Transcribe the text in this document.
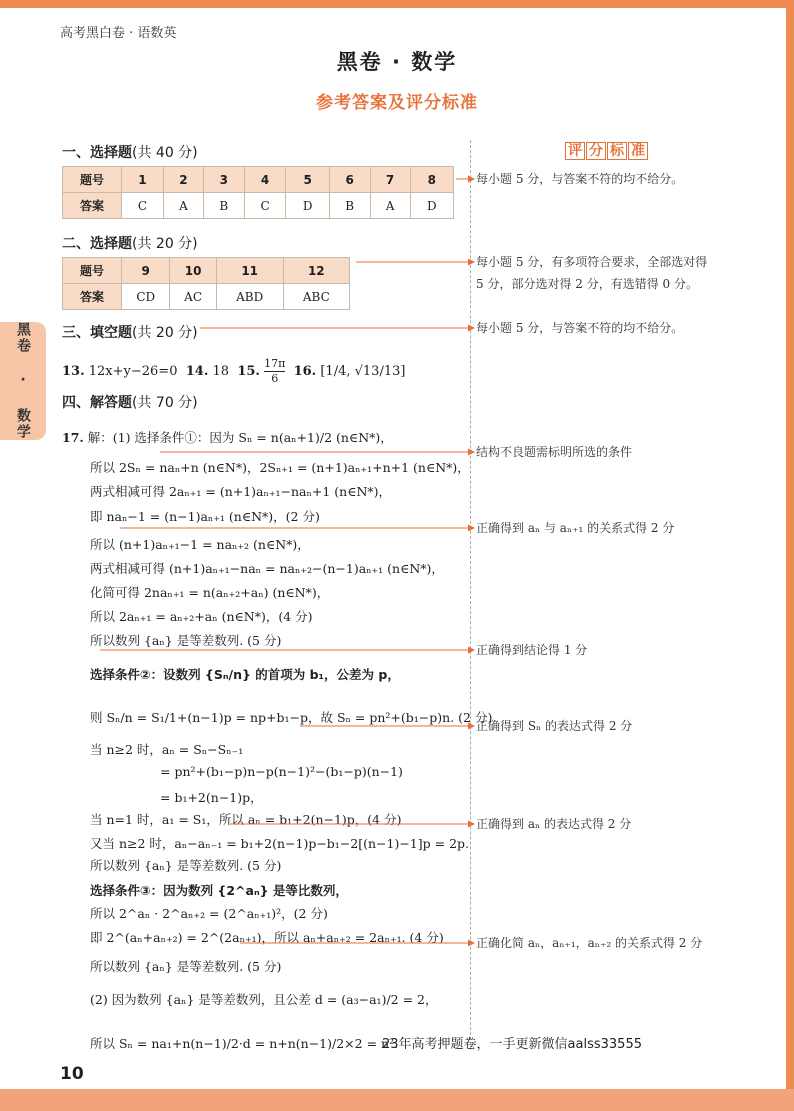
高考黑白卷 · 语数英
黑卷 · 数学
参考答案及评分标准
黑卷 · 数学
评 分 标 准
一、选择题(共 40 分)
题号	1	2	3	4	5	6	7	8
答案	C	A	B	C	D	B	A	D
二、选择题(共 20 分)
题号	9	10	11	12
答案	CD	AC	ABD	ABC
三、填空题(共 20 分)
13. 12x+y−26=0 14. 18 15. $\frac{17\pi}{6} 16$. [1/4, √13/13]
四、解答题(共 70 分)
17. 解：(1) 选择条件①：因为 Sₙ = n(aₙ+1)/2 (n∈N*)，
所以 2Sₙ = naₙ+n (n∈N*)，2Sₙ₊₁ = (n+1)aₙ₊₁+n+1 (n∈N*)，
两式相减可得 2aₙ₊₁ = (n+1)aₙ₊₁−naₙ+1 (n∈N*)，
即 naₙ−1 = (n−1)aₙ₊₁ (n∈N*)，(2 分)
所以 (n+1)aₙ₊₁−1 = naₙ₊₂ (n∈N*)，
两式相减可得 (n+1)aₙ₊₁−naₙ = naₙ₊₂−(n−1)aₙ₊₁ (n∈N*)，
化简可得 2naₙ₊₁ = n(aₙ₊₂+aₙ) (n∈N*)，
所以 2aₙ₊₁ = aₙ₊₂+aₙ (n∈N*)，(4 分)
所以数列 {aₙ} 是等差数列. (5 分)
选择条件②：设数列 {Sₙ/n} 的首项为 b₁，公差为 p，
则 Sₙ/n = S₁/1+(n−1)p = np+b₁−p，故 Sₙ = pn²+(b₁−p)n. (2 分)
当 n≥2 时，aₙ = Sₙ−Sₙ₋₁
= pn²+(b₁−p)n−p(n−1)²−(b₁−p)(n−1)
= b₁+2(n−1)p，
当 n=1 时，a₁ = S₁，所以 aₙ = b₁+2(n−1)p，(4 分)
又当 n≥2 时，aₙ−aₙ₋₁ = b₁+2(n−1)p−b₁−2[(n−1)−1]p = 2p.
所以数列 {aₙ} 是等差数列. (5 分)
选择条件③：因为数列 {2^aₙ} 是等比数列，
所以 2^aₙ · 2^aₙ₊₂ = (2^aₙ₊₁)²，(2 分)
即 2^(aₙ+aₙ₊₂) = 2^(2aₙ₊₁)，所以 aₙ+aₙ₊₂ = 2aₙ₊₁. (4 分)
所以数列 {aₙ} 是等差数列. (5 分)
(2) 因为数列 {aₙ} 是等差数列，且公差 d = (a₃−a₁)/2 = 2，
所以 Sₙ = na₁+n(n−1)/2·d = n+n(n−1)/2×2 = n².
每小题 5 分，与答案不符的均不给分。
每小题 5 分，有多项符合要求，全部选对得
5 分，部分选对得 2 分，有选错得 0 分。
每小题 5 分，与答案不符的均不给分。
结构不良题需标明所选的条件
正确得到 aₙ 与 aₙ₊₁ 的关系式得 2 分
正确得到结论得 1 分
正确得到 Sₙ 的表达式得 2 分
正确得到 aₙ 的表达式得 2 分
正确化简 aₙ，aₙ₊₁，aₙ₊₂ 的关系式得 2 分
23年高考押题卷，一手更新微信aalss33555
10
